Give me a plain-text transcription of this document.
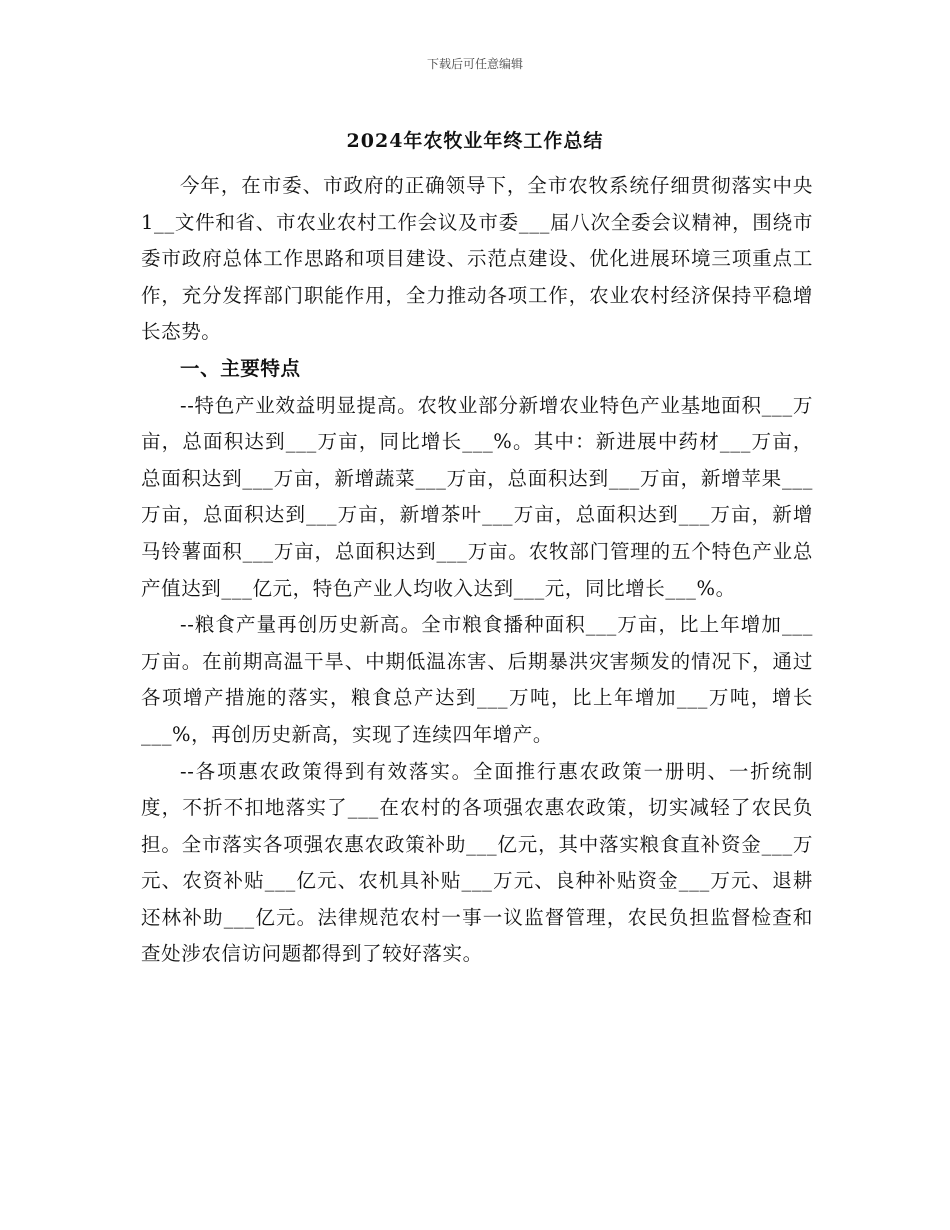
下载后可任意编辑
2024年农牧业年终工作总结

今年，在市委、市政府的正确领导下，全市农牧系统仔细贯彻落实中央1__文件和省、市农业农村工作会议及市委___届八次全委会议精神，围绕市委市政府总体工作思路和项目建设、示范点建设、优化进展环境三项重点工作，充分发挥部门职能作用，全力推动各项工作，农业农村经济保持平稳增长态势。

一、主要特点

--特色产业效益明显提高。农牧业部分新增农业特色产业基地面积___万亩，总面积达到___万亩，同比增长___%。其中：新进展中药材___万亩，总面积达到___万亩，新增蔬菜___万亩，总面积达到___万亩，新增苹果___万亩，总面积达到___万亩，新增茶叶___万亩，总面积达到___万亩，新增马铃薯面积___万亩，总面积达到___万亩。农牧部门管理的五个特色产业总产值达到___亿元，特色产业人均收入达到___元，同比增长___%。

--粮食产量再创历史新高。全市粮食播种面积___万亩，比上年增加___万亩。在前期高温干旱、中期低温冻害、后期暴洪灾害频发的情况下，通过各项增产措施的落实，粮食总产达到___万吨，比上年增加___万吨，增长___%，再创历史新高，实现了连续四年增产。

--各项惠农政策得到有效落实。全面推行惠农政策一册明、一折统制度，不折不扣地落实了___在农村的各项强农惠农政策，切实减轻了农民负担。全市落实各项强农惠农政策补助___亿元，其中落实粮食直补资金___万元、农资补贴___亿元、农机具补贴___万元、良种补贴资金___万元、退耕还林补助___亿元。法律规范农村一事一议监督管理，农民负担监督检查和查处涉农信访问题都得到了较好落实。
